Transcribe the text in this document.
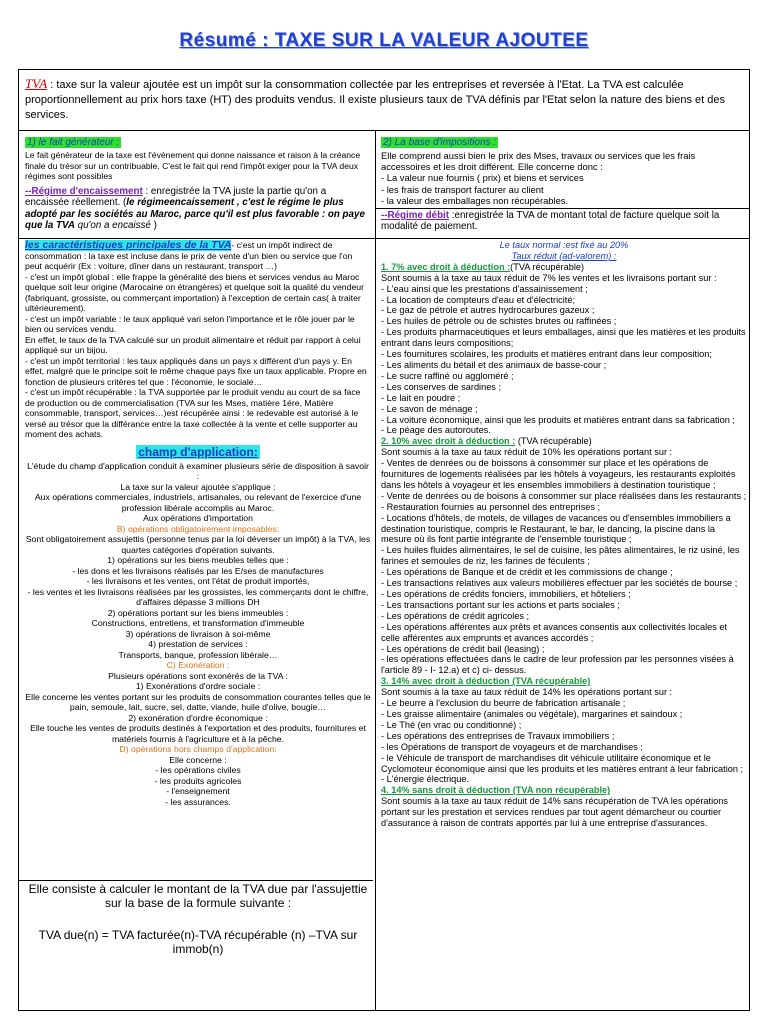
Résumé : TAXE SUR LA VALEUR AJOUTEE
TVA : taxe sur la valeur ajoutée est un impôt sur la consommation collectée par les entreprises et reversée à l'Etat. La TVA est calculée proportionnellement au prix hors taxe (HT) des produits vendus. Il existe plusieurs taux de TVA définis par l'Etat selon la nature des biens et des services.
1) le fait générateur :

Le fait générateur de la taxe est l'événement qui donne naissance et raison à la créance finale du trésor sur un contribuable. C'est le fait qui rend l'impôt exiger pour la TVA deux régimes sont possibles

--Régime d'encaissement : enregistrée la TVA juste la partie qu'on a encaissée réellement. (le régimeencaissement , c'est le régime le plus adopté par les sociétés au Maroc, parce qu'il est plus favorable : on paye que la TVA qu'on a encaissé )

2) La base d'impositions :

Elle comprend aussi bien le prix des Mses, travaux ou services que les frais accessoires et les droit différent. Elle concerne donc :

- La valeur nue fournis ( prix) et biens et services

- les frais de transport facturer au client

- la valeur des emballages non récupérables.

--Régime débit :enregistrée la TVA de montant total de facture quelque soit la modalité de paiement.

les caractéristiques principales de la TVA- c'est un impôt indirect de consommation : la taxe est incluse dans le prix de vente d'un bien ou service que l'on peut acquérir (Ex : voiture, dîner dans un restaurant, transport …)

- c'est un impôt global : elle frappe la généralité des biens et services vendus au Maroc quelque soit leur origine (Marocaine on étrangères) et quelque soit la qualité du vendeur (fabriquant, grossiste, ou commerçant importation) à l'exception de certain cas( à traiter ultérieurement).

- c'est un impôt variable : le taux appliqué vari selon l'importance et le rôle jouer par le bien ou services vendu.

En effet, le taux de la TVA calculé sur un produit alimentaire et réduit par rapport à celui appliqué sur un bijou.

- c'est un impôt territorial : les taux appliqués dans un pays x différent d'un pays y. En effet, malgré que le principe soit le même chaque pays fixe un taux applicable. Propre en fonction de plusieurs critères tel que : l'économie, le sociale…

- c'est un impôt récupérable : la TVA supportée par le produit vendu au court de sa face de production ou de commercialisation (TVA sur les Mses, matière 1ére, Matière consommable, transport, services…)est récupérée ainsi : le redevable est autorisé à le versé au trésor que la différance entre la taxe collectée à la vente et celle supporter au moment des achats.

champ d'application:

L'étude du champ d'application conduit à examiner plusieurs série de disposition à savoir :

La taxe sur la valeur ajoutée s'applique :

Aux opérations commerciales, industriels, artisanales, ou relevant de l'exercice d'une profession libérale accomplis au Maroc.

Aux opérations d'importation

B) opérations obligatoirement imposables:

Sont obligatoirement assujettis (personne tenus par la loi déverser un impôt) à la TVA, les quartes catégories d'opération suivants.

1) opérations sur les biens meubles telles que :

- les dons et les livraisons réalisés par les E/ses de manufactures

- les livraisons et les ventes, ont l'état de produit importés,

- les ventes et les livraisons réalisées par les grossistes, les commerçants dont le chiffre, d'affaires dépasse 3 millions DH

2) opérations portant sur les biens immeubles :

Constructions, entretiens, et transformation d'immeuble

3) opérations de livraison à soi-même

4) prestation de services :

Transports, banque, profession libérale…

C) Exonération :

Plusieurs opérations sont exonérés de la TVA :

1) Exonérations d'ordre sociale :

Elle concerne les ventes portant sur les produits de consommation courantes telles que le pain, semoule, lait, sucre, sel, datte, viande, huile d'olive, bougie…

2) exonération d'ordre économique :

Elle touche les ventes de produits destinés à l'exportation et des produits, fournitures et matériels fournis à l'agriculture et à la pêche.

D) opérations hors champs d'application:

Elle concerne :

- les opérations civiles

- les produits agricoles

- l'enseignement

- les assurances.

Elle consiste à calculer le montant de la TVA due par l'assujettie sur la base de la formule suivante :

TVA due(n) = TVA facturée(n)-TVA récupérable (n) –TVA sur immob(n)

Le taux normal :est fixé au 20%

Taux réduit (ad-valorem) :

1. 7% avec droit à déduction :(TVA récupérable)

Sont soumis à la taxe au taux réduit de 7% les ventes et les livraisons portant sur :

- L'eau ainsi que les prestations d'assainissement ;

- La location de compteurs d'eau et d'électricité;

- Le gaz de pétrole et autres hydrocarbures gazeux ;

- Les huiles de pétrole ou de schistes brutes ou raffinées ;

- Les produits pharmaceutiques et leurs emballages, ainsi que les matières et les produits entrant dans leurs compositions;

- Les fournitures scolaires, les produits et matières entrant dans leur composition;

- Les aliments du bétail et des animaux de basse-cour ;

- Le sucre raffiné ou aggloméré ;

- Les conserves de sardines ;

- Le lait en poudre ;

- Le savon de ménage ;

- La voiture économique, ainsi que les produits et matières entrant dans sa fabrication ;

- Le péage des autoroutes.

2. 10% avec droit à déduction : (TVA récupérable)

Sont soumis à la taxe au taux réduit de 10% les opérations portant sur :

- Ventes de denrées ou de boissons à consommer sur place et les opérations de fournitures de logements réalisées par les hôtels à voyageurs, les restaurants exploités dans les hôtels à voyageur et les ensembles immobiliers à destination touristique ;

- Vente de denrées ou de boisons à consommer sur place réalisées dans les restaurants ;

- Restauration fournies au personnel des entreprises ;

- Locations d'hôtels, de motels, de villages de vacances ou d'ensembles immobiliers a destination touristique, compris le Restaurant, le bar, le dancing, la piscine dans la mesure où ils font partie intégrante de l'ensemble touristique ;

- Les huiles fluides alimentaires, le sel de cuisine, les pâtes alimentaires, le riz usiné, les farines et semoules de riz, les farines de féculents ;

- Les opérations de Banque et de crédit et les commissions de change ;

- Les transactions relatives aux valeurs mobilières effectuer par les sociétés de bourse ;

- Les opérations de crédits fonciers, immobiliers, et hôteliers ;

- Les transactions portant sur les actions et parts sociales ;

- Les opérations de crédit agricoles ;

- Les opérations afférentes aux prêts et avances consentis aux collectivités locales et celle afférentes aux emprunts et avances accordés ;

- Les opérations de crédit bail (leasing) ;

- les opérations effectuées dans le cadre de leur profession par les personnes visées à l'article 89 - I- 12.a) et c) ci- dessus.

3. 14% avec droit à déduction (TVA récupérable)

Sont soumis à la taxe au taux réduit de 14% les opérations portant sur :

- Le beurre à l'exclusion du beurre de fabrication artisanale ;

- Les graisse alimentaire (animales ou végétale), margarines et saindoux ;

- Le Thé (en vrac ou conditionné) ;

- Les opérations des entreprises de Travaux immobiliers ;

- les Opérations de transport de voyageurs et de marchandises ;

- le Véhicule de transport de marchandises dit véhicule utilitaire économique et le Cyclomoteur économique ainsi que les produits et les matières entrant à leur fabrication ;

- L'énergie électrique.

4. 14% sans droit à déduction (TVA non récupérable)

Sont soumis à la taxe au taux réduit de 14% sans récupération de TVA les opérations portant sur les prestation et services rendues par tout agent démarcheur ou courtier d'assurance à raison de contrats apportés par lui à une entreprise d'assurances.
